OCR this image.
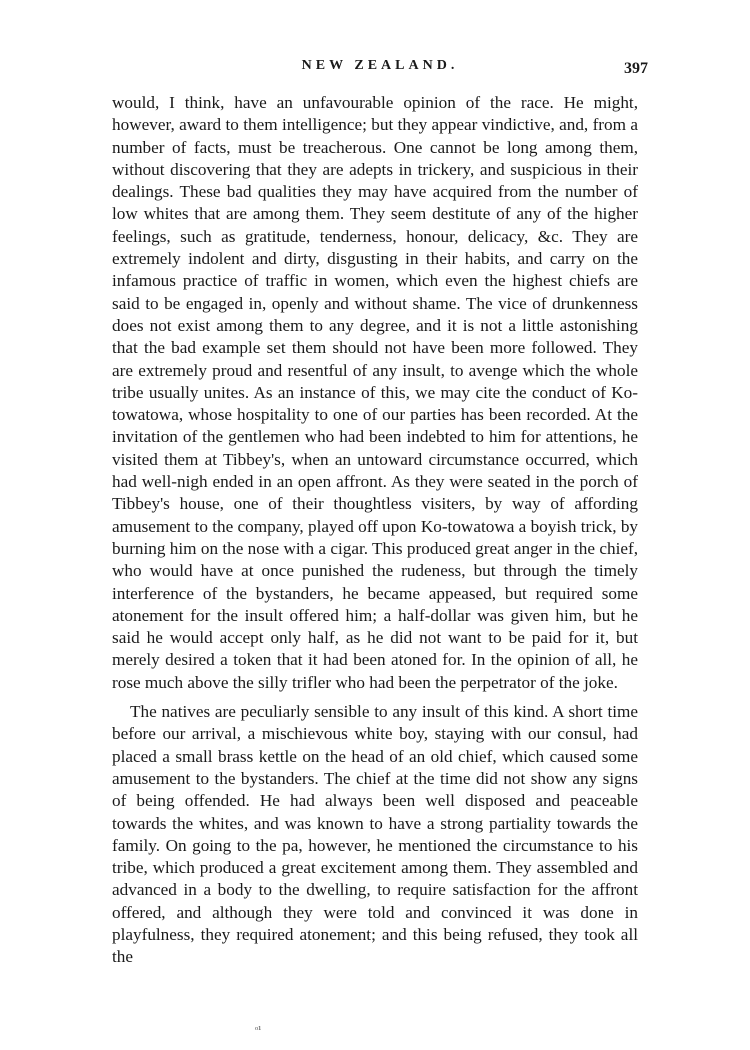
NEW ZEALAND.	397

would, I think, have an unfavourable opinion of the race. He might, however, award to them intelligence; but they appear vindictive, and, from a number of facts, must be treacherous. One cannot be long among them, without discovering that they are adepts in trickery, and suspicious in their dealings. These bad qualities they may have acquired from the number of low whites that are among them. They seem destitute of any of the higher feelings, such as gratitude, tenderness, honour, delicacy, &c. They are extremely indolent and dirty, disgusting in their habits, and carry on the infamous practice of traffic in women, which even the highest chiefs are said to be engaged in, openly and without shame. The vice of drunkenness does not exist among them to any degree, and it is not a little astonishing that the bad example set them should not have been more followed. They are extremely proud and resentful of any insult, to avenge which the whole tribe usually unites. As an instance of this, we may cite the conduct of Ko-towatowa, whose hospitality to one of our parties has been recorded. At the invitation of the gentlemen who had been indebted to him for attentions, he visited them at Tibbey's, when an untoward circumstance occurred, which had well-nigh ended in an open affront. As they were seated in the porch of Tibbey's house, one of their thoughtless visiters, by way of affording amusement to the company, played off upon Ko-towatowa a boyish trick, by burning him on the nose with a cigar. This produced great anger in the chief, who would have at once punished the rudeness, but through the timely interference of the bystanders, he became appeased, but required some atonement for the insult offered him; a half-dollar was given him, but he said he would accept only half, as he did not want to be paid for it, but merely desired a token that it had been atoned for. In the opinion of all, he rose much above the silly trifler who had been the perpetrator of the joke.

The natives are peculiarly sensible to any insult of this kind. A short time before our arrival, a mischievous white boy, staying with our consul, had placed a small brass kettle on the head of an old chief, which caused some amusement to the bystanders. The chief at the time did not show any signs of being offended. He had always been well disposed and peaceable towards the whites, and was known to have a strong partiality towards the family. On going to the pa, however, he mentioned the circumstance to his tribe, which produced a great excitement among them. They assembled and advanced in a body to the dwelling, to require satisfaction for the affront offered, and although they were told and convinced it was done in playfulness, they required atonement; and this being refused, they took all the

ᵒ¹
